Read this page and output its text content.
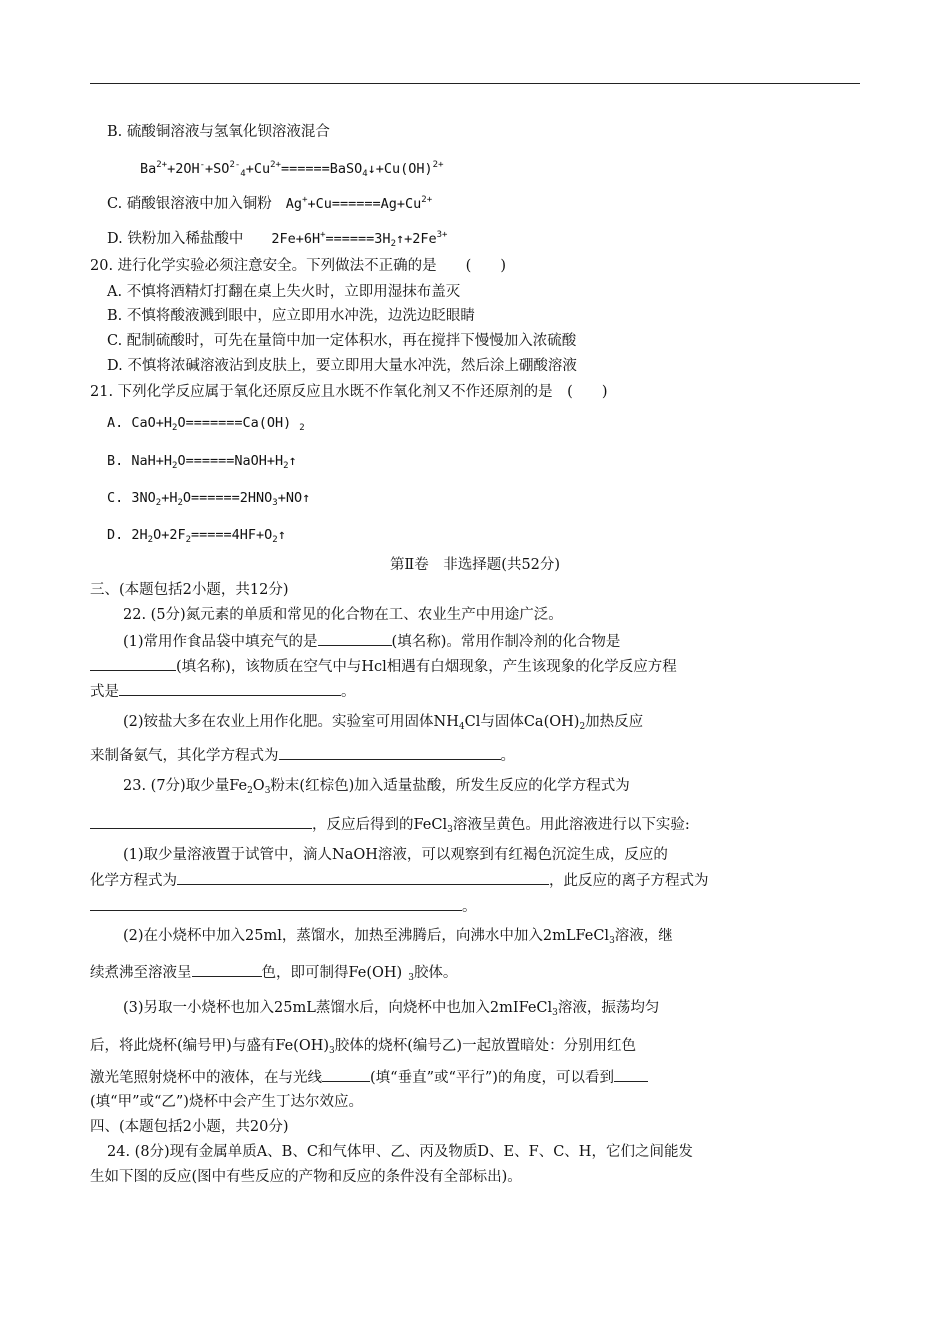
B. 硫酸铜溶液与氢氧化钡溶液混合
$Ba^{2+}+2OH^-+SO^{2-}_4+Cu^{2+}======BaSO_4↓+Cu(OH)^{2+}$
C. 硝酸银溶液中加入铜粉 $Ag^++Cu======Ag+Cu^{2+}$
D. 铁粉加入稀盐酸中 $2Fe+6H^+======3H_2↑+2Fe^{3+}$
20. 进行化学实验必须注意安全。下列做法不正确的是　　(　　)
A. 不慎将酒精灯打翻在桌上失火时，立即用湿抹布盖灭
B. 不慎将酸液溅到眼中，应立即用水冲洗，边洗边眨眼睛
C. 配制硫酸时，可先在量筒中加一定体积水，再在搅拌下慢慢加入浓硫酸
D. 不慎将浓碱溶液沾到皮肤上，要立即用大量水冲洗，然后涂上硼酸溶液
21. 下列化学反应属于氧化还原反应且水既不作氧化剂又不作还原剂的是　(　　)
A. $CaO+H_2O=======Ca(OH)$ $_2$
B. $NaH+H_2O======NaOH+H_2↑$
C. $3NO_2+H_2O======2HNO_3+NO↑$
D. $2H_2O+2F_2=====4HF+O_2↑$
第Ⅱ卷　非选择题(共52分)
三、(本题包括2小题，共12分)
22. (5分)氮元素的单质和常见的化合物在工、农业生产中用途广泛。
(1)常用作食品袋中填充气的是	(填名称)。常用作制冷剂的化合物是
(填名称)，该物质在空气中与Hcl相遇有白烟现象，产生该现象的化学反应方程
式是	。
(2)铵盐大多在农业上用作化肥。实验室可用固体$NH_4Cl$与固体$Ca(OH)_2$加热反应
来制备氨气，其化学方程式为	。
23. (7分)取少量$Fe_2O_3$粉末(红棕色)加入适量盐酸，所发生反应的化学方程式为
，反应后得到的FeCl$_3$溶液呈黄色。用此溶液进行以下实验:
(1)取少量溶液置于试管中，滴人NaOH溶液，可以观察到有红褐色沉淀生成，反应的
化学方程式为	，此反应的离子方程式为
。
(2)在小烧杯中加入25ml，蒸馏水，加热至沸腾后，向沸水中加入2mLFeCl$_3$溶液，继
续煮沸至溶液呈	色，即可制得Fe(OH) $_3$胶体。
(3)另取一小烧杯也加入25mL蒸馏水后，向烧杯中也加入2mIFeCl$_3$溶液，振荡均匀
后，将此烧杯(编号甲)与盛有$Fe(OH)_3$胶体的烧杯(编号乙)一起放置暗处：分别用红色
激光笔照射烧杯中的液体，在与光线	(填“垂直”或“平行”)的角度，可以看到
(填“甲”或“乙”)烧杯中会产生丁达尔效应。
四、(本题包括2小题，共20分)
24. (8分)现有金属单质A、B、C和气体甲、乙、丙及物质D、E、F、C、H，它们之间能发
生如下图的反应(图中有些反应的产物和反应的条件没有全部标出)。
